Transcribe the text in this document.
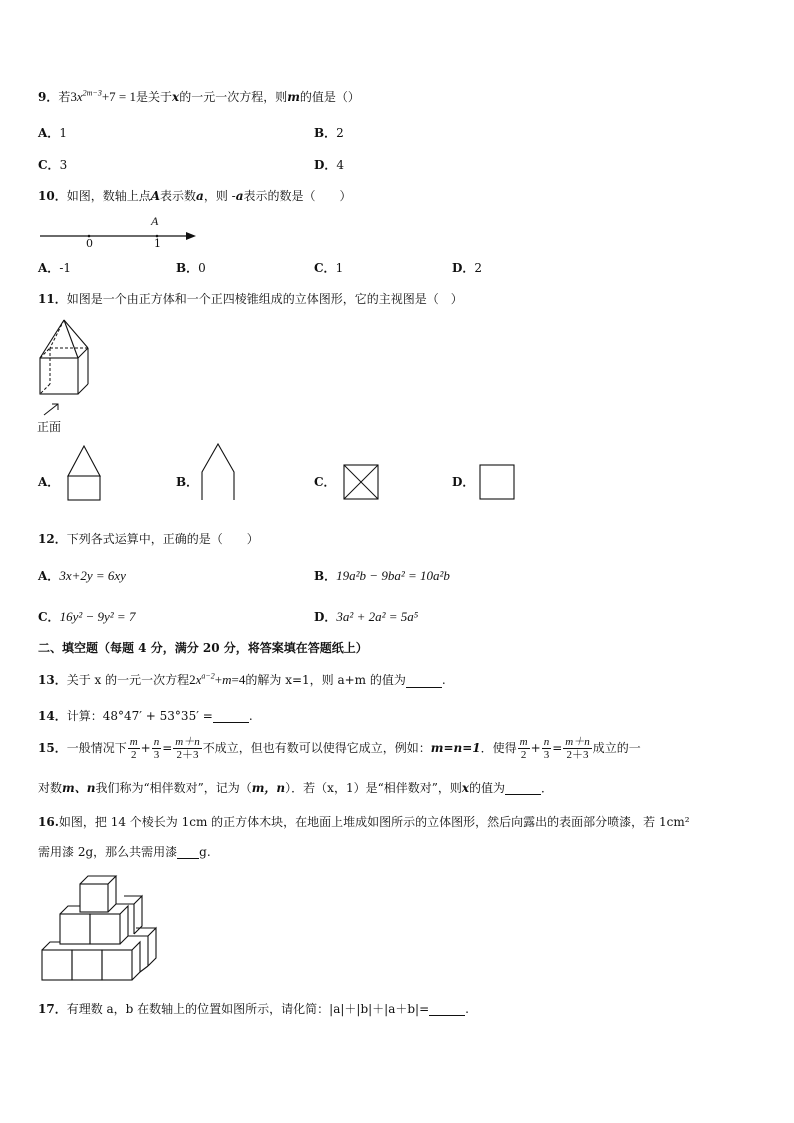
9．若$3x^{2m-3}+7 = 1$是关于x的一元一次方程，则m的值是（）
A．1	B．2
C．3	D．4
10．如图，数轴上点A表示数a，则 -a表示的数是（　　）
A
0	1
A．-1	B．0	C．1	D．2
11．如图是一个由正方体和一个正四棱锥组成的立体图形，它的主视图是（　）
正面
A．	B．	C．	D．
12．下列各式运算中，正确的是（　　）
A．3x+2y = 6xy	B．19a²b − 9ba² = 10a²b
C．16y² − 9y² = 7	D．3a² + 2a² = 5a⁵
二、填空题（每题 4 分，满分 20 分，将答案填在答题纸上）
13．关于 x 的一元一次方程$2x^{a-2}+m=4$的解为 x=1，则 a+m 的值为	.
14．计算：48°47′ + 53°35′ =	.
15．一般情况下 $\frac{m}{2} + \frac{n}{3} = \frac{m+n}{2+3}$ 不成立，但也有数可以使得它成立，例如：m=n=1．使得 $\frac{m}{2} + \frac{n}{3} = \frac{m+n}{2+3}$ 成立的一
对数m、n我们称为“相伴数对”，记为（m，n）．若（x，1）是“相伴数对”，则x的值为	．
16.如图，把 14 个棱长为 1cm 的正方体木块，在地面上堆成如图所示的立体图形，然后向露出的表面部分喷漆，若 1cm²
需用漆 2g，那么共需用漆 g.
17．有理数 a，b 在数轴上的位置如图所示，请化简：|a|＋|b|＋|a＋b|=	.
